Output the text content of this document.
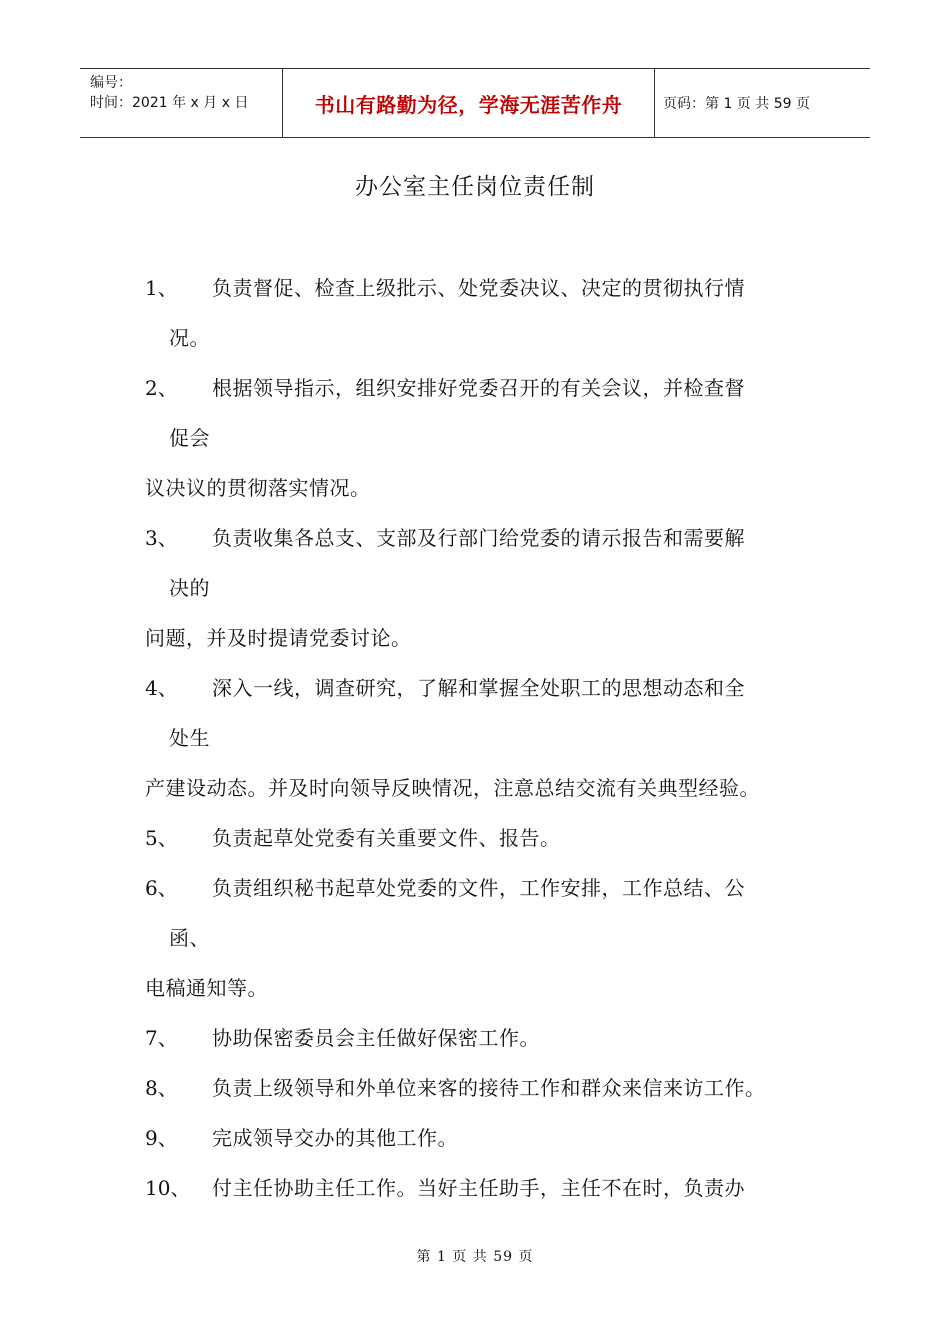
编号：
时间：2021 年 x 月 x 日	书山有路勤为径，学海无涯苦作舟	页码：第 1 页 共 59 页
办公室主任岗位责任制
1、 负责督促、检查上级批示、处党委决议、决定的贯彻执行情
况。
2、 根据领导指示，组织安排好党委召开的有关会议，并检查督
促会
议决议的贯彻落实情况。
3、 负责收集各总支、支部及行部门给党委的请示报告和需要解
决的
问题，并及时提请党委讨论。
4、 深入一线，调查研究，了解和掌握全处职工的思想动态和全
处生
产建设动态。并及时向领导反映情况，注意总结交流有关典型经验。
5、 负责起草处党委有关重要文件、报告。
6、 负责组织秘书起草处党委的文件，工作安排，工作总结、公
函、
电稿通知等。
7、 协助保密委员会主任做好保密工作。
8、 负责上级领导和外单位来客的接待工作和群众来信来访工作。
9、 完成领导交办的其他工作。
10、 付主任协助主任工作。当好主任助手，主任不在时，负责办
第 1 页 共 59 页
